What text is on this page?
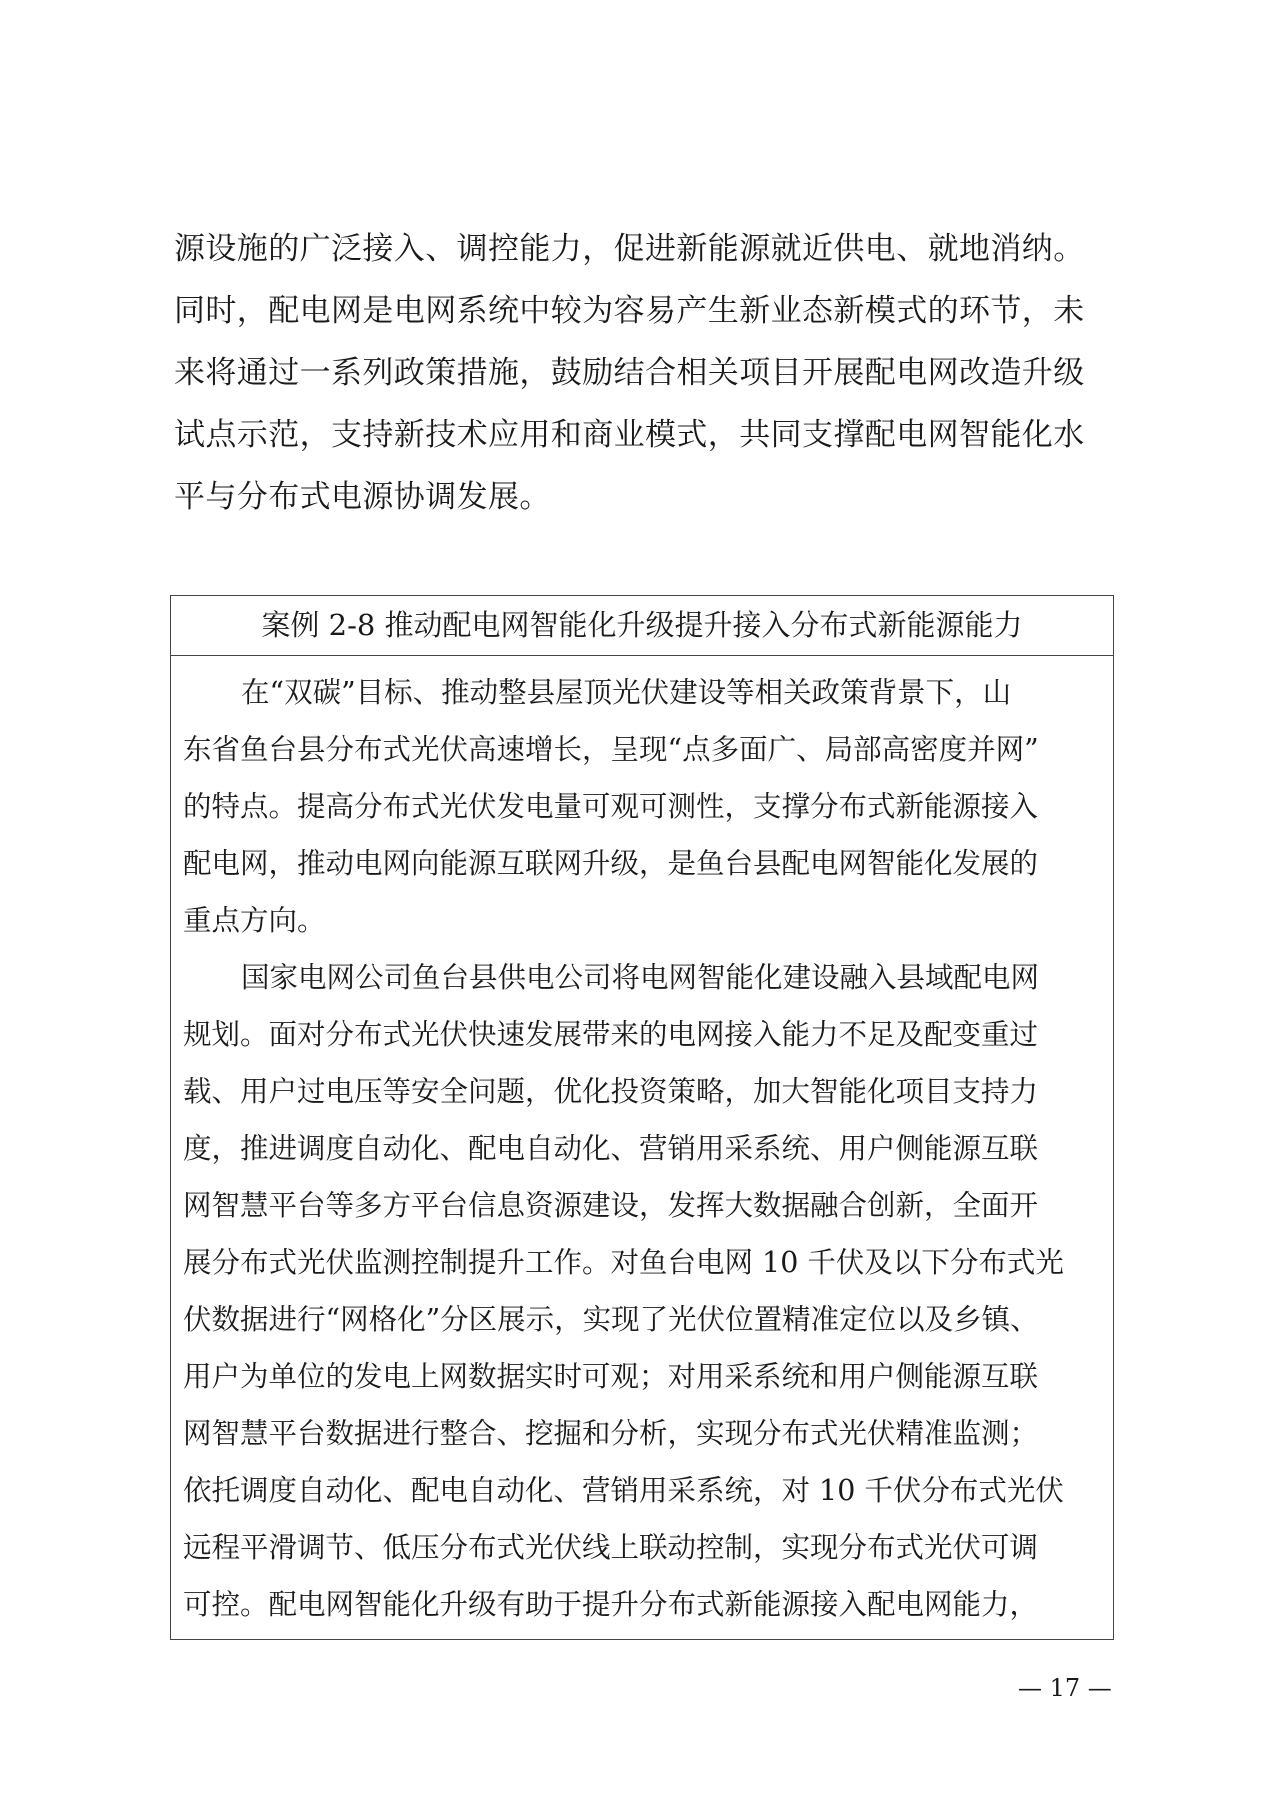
源设施的广泛接入、调控能力，促进新能源就近供电、就地消纳。
同时，配电网是电网系统中较为容易产生新业态新模式的环节，未
来将通过一系列政策措施，鼓励结合相关项目开展配电网改造升级
试点示范，支持新技术应用和商业模式，共同支撑配电网智能化水
平与分布式电源协调发展。
案例 2-8 推动配电网智能化升级提升接入分布式新能源能力
在“双碳”目标、推动整县屋顶光伏建设等相关政策背景下，山
东省鱼台县分布式光伏高速增长，呈现“点多面广、局部高密度并网”
的特点。提高分布式光伏发电量可观可测性，支撑分布式新能源接入
配电网，推动电网向能源互联网升级，是鱼台县配电网智能化发展的
重点方向。
国家电网公司鱼台县供电公司将电网智能化建设融入县域配电网
规划。面对分布式光伏快速发展带来的电网接入能力不足及配变重过
载、用户过电压等安全问题，优化投资策略，加大智能化项目支持力
度，推进调度自动化、配电自动化、营销用采系统、用户侧能源互联
网智慧平台等多方平台信息资源建设，发挥大数据融合创新，全面开
展分布式光伏监测控制提升工作。对鱼台电网 10 千伏及以下分布式光
伏数据进行“网格化”分区展示，实现了光伏位置精准定位以及乡镇、
用户为单位的发电上网数据实时可观；对用采系统和用户侧能源互联
网智慧平台数据进行整合、挖掘和分析，实现分布式光伏精准监测；
依托调度自动化、配电自动化、营销用采系统，对 10 千伏分布式光伏
远程平滑调节、低压分布式光伏线上联动控制，实现分布式光伏可调
可控。配电网智能化升级有助于提升分布式新能源接入配电网能力，
— 17 —
